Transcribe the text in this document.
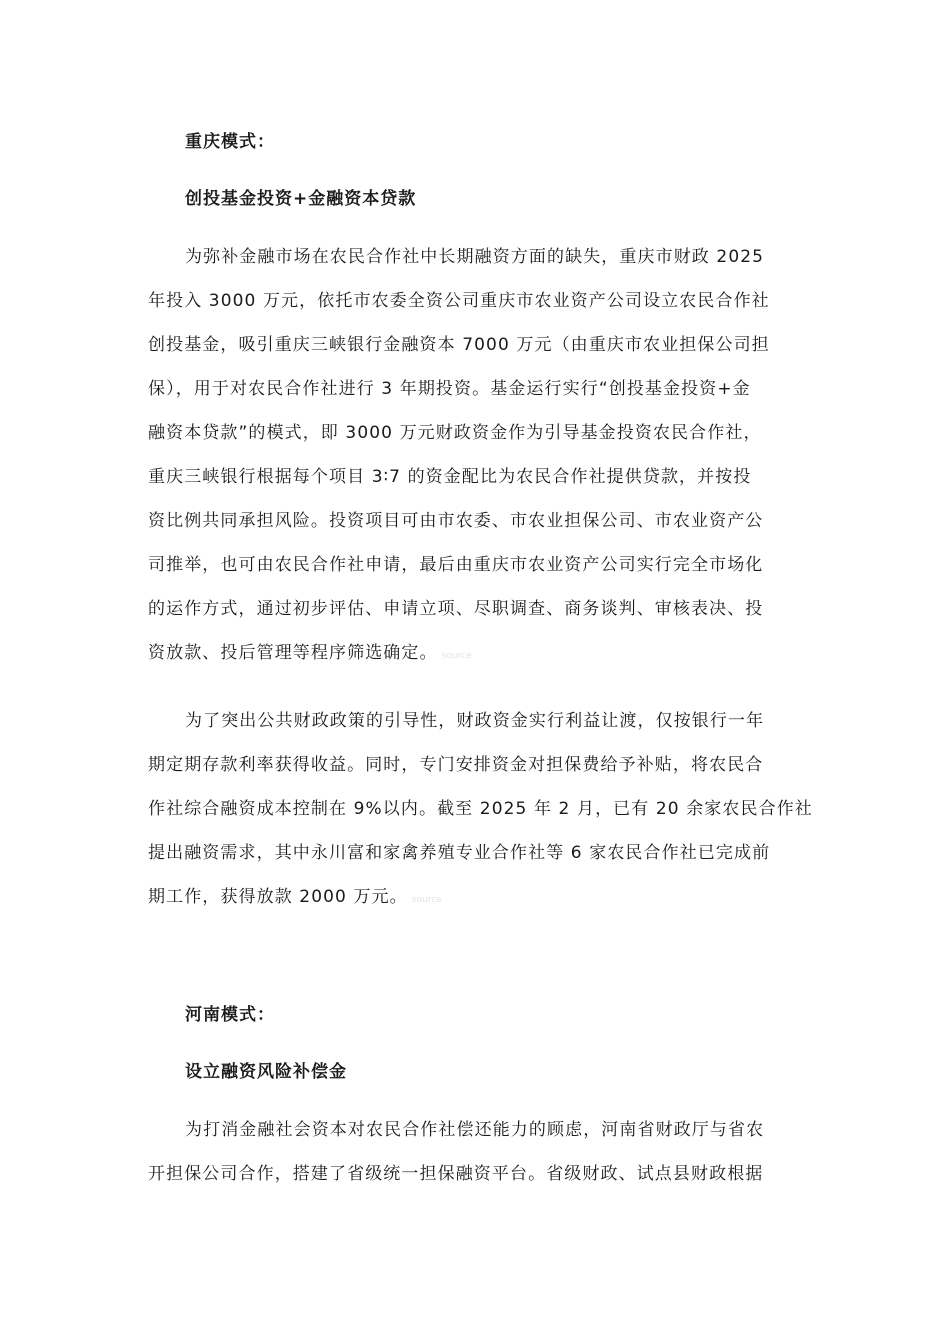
重庆模式：
创投基金投资+金融资本贷款
为弥补金融市场在农民合作社中长期融资方面的缺失，重庆市财政 2025
年投入 3000 万元，依托市农委全资公司重庆市农业资产公司设立农民合作社
创投基金，吸引重庆三峡银行金融资本 7000 万元（由重庆市农业担保公司担
保），用于对农民合作社进行 3 年期投资。基金运行实行“创投基金投资+金
融资本贷款”的模式，即 3000 万元财政资金作为引导基金投资农民合作社，
重庆三峡银行根据每个项目 3∶7 的资金配比为农民合作社提供贷款，并按投
资比例共同承担风险。投资项目可由市农委、市农业担保公司、市农业资产公
司推举，也可由农民合作社申请，最后由重庆市农业资产公司实行完全市场化
的运作方式，通过初步评估、申请立项、尽职调查、商务谈判、审核表决、投
资放款、投后管理等程序筛选确定。 source
为了突出公共财政政策的引导性，财政资金实行利益让渡，仅按银行一年
期定期存款利率获得收益。同时，专门安排资金对担保费给予补贴，将农民合
作社综合融资成本控制在 9%以内。截至 2025 年 2 月，已有 20 余家农民合作社
提出融资需求，其中永川富和家禽养殖专业合作社等 6 家农民合作社已完成前
期工作，获得放款 2000 万元。 source
河南模式：
设立融资风险补偿金
为打消金融社会资本对农民合作社偿还能力的顾虑，河南省财政厅与省农
开担保公司合作，搭建了省级统一担保融资平台。省级财政、试点县财政根据
